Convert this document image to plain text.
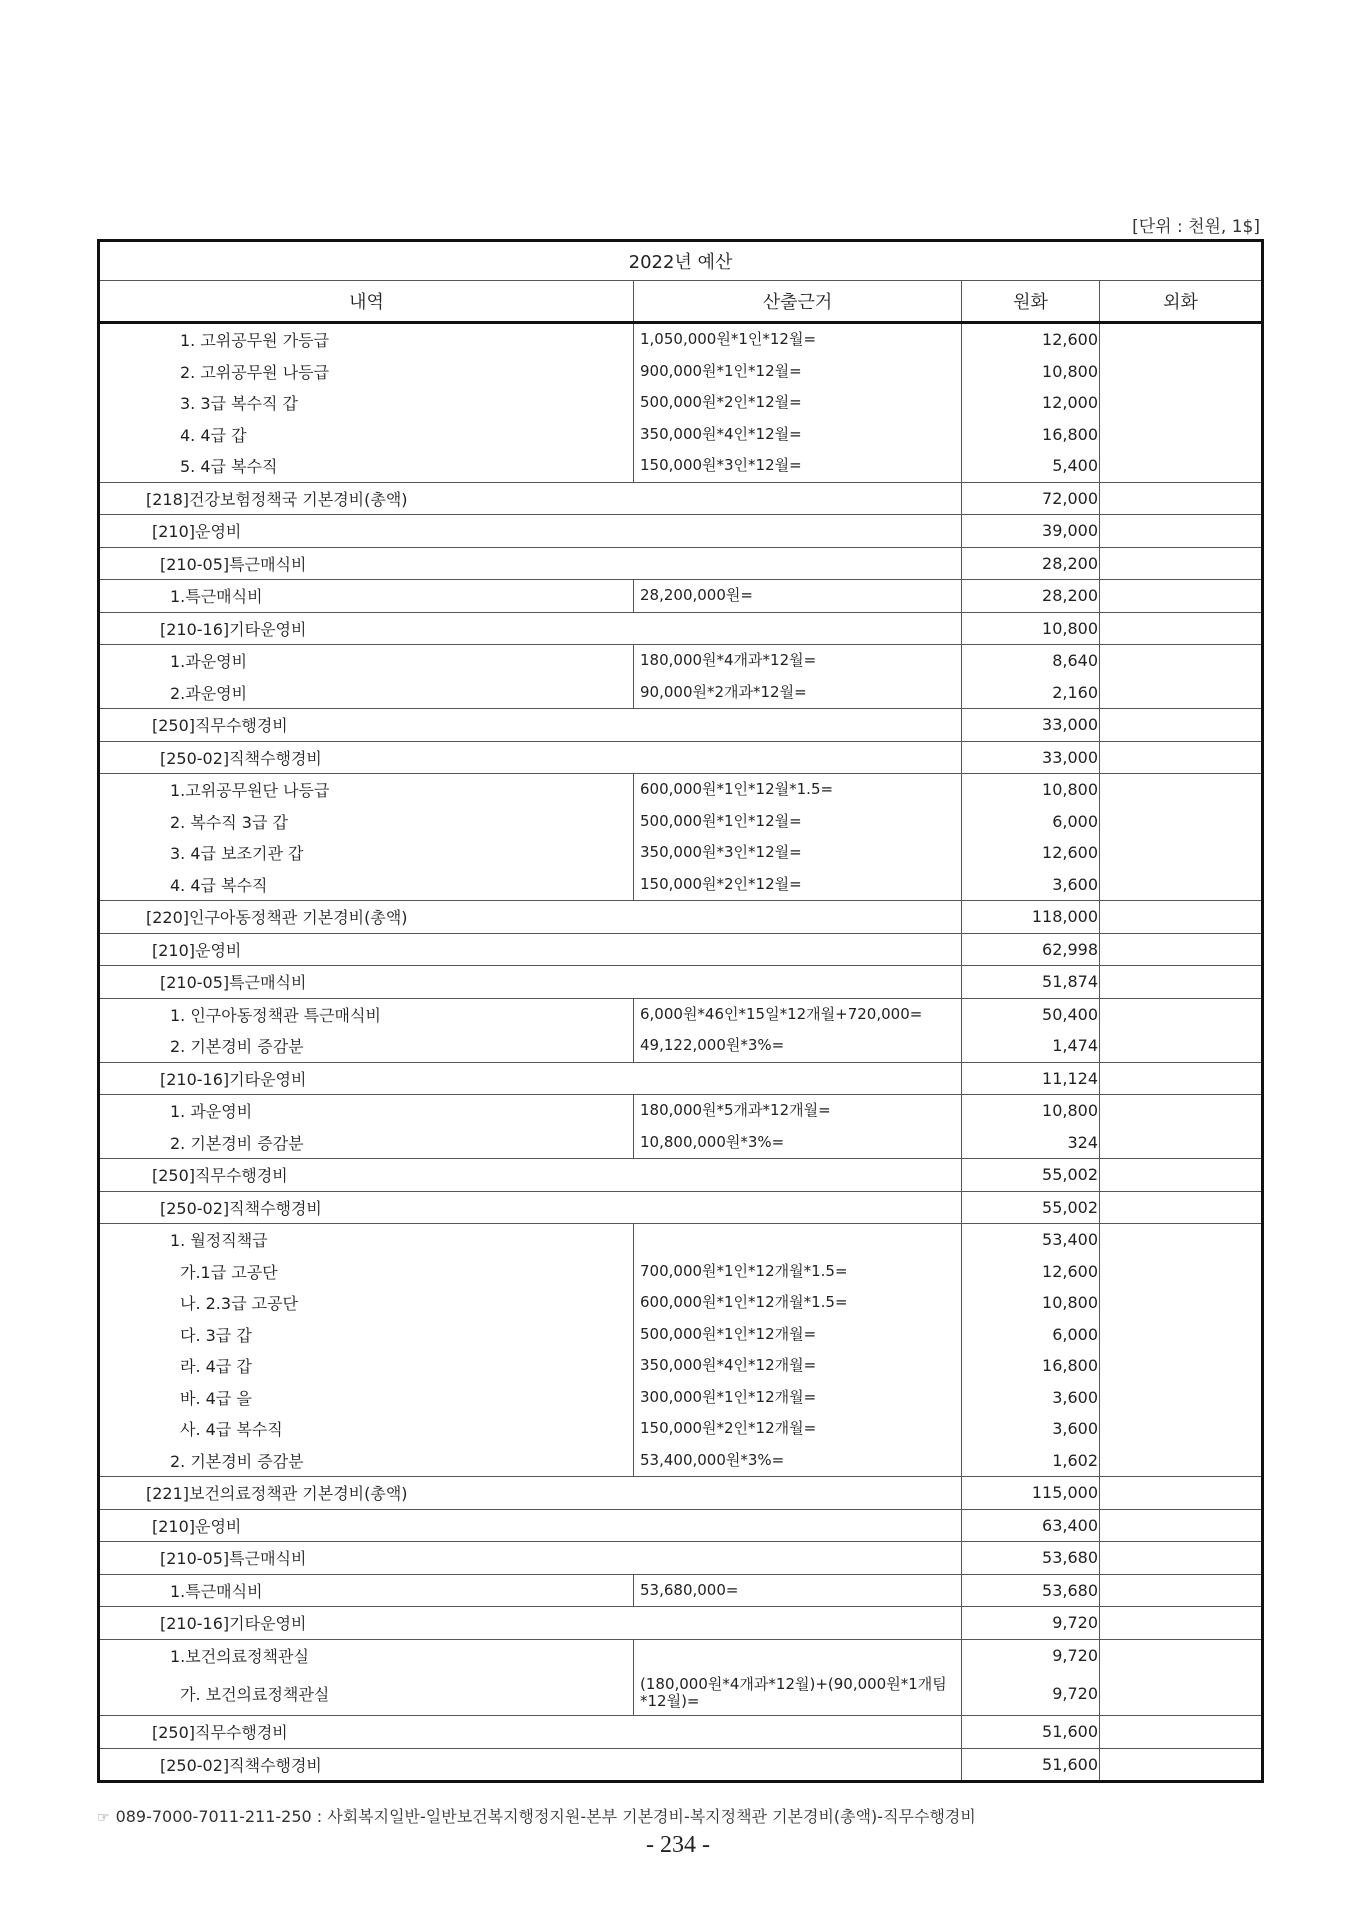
[단위 : 천원, 1$]
2022년 예산			
내역	산출근거	원화	외화
1. 고위공무원 가등급	1,050,000원*1인*12월=	12,600	
2. 고위공무원 나등급	900,000원*1인*12월=	10,800	
3. 3급 복수직 갑	500,000원*2인*12월=	12,000	
4. 4급 갑	350,000원*4인*12월=	16,800	
5. 4급 복수직	150,000원*3인*12월=	5,400	
[218]건강보험정책국 기본경비(총액)		72,000	
[210]운영비		39,000	
[210-05]특근매식비		28,200	
1.특근매식비	28,200,000원=	28,200	
[210-16]기타운영비		10,800	
1.과운영비	180,000원*4개과*12월=	8,640	
2.과운영비	90,000원*2개과*12월=	2,160	
[250]직무수행경비		33,000	
[250-02]직책수행경비		33,000	
1.고위공무원단 나등급	600,000원*1인*12월*1.5=	10,800	
2. 복수직 3급 갑	500,000원*1인*12월=	6,000	
3. 4급 보조기관 갑	350,000원*3인*12월=	12,600	
4. 4급 복수직	150,000원*2인*12월=	3,600	
[220]인구아동정책관 기본경비(총액)		118,000	
[210]운영비		62,998	
[210-05]특근매식비		51,874	
1. 인구아동정책관 특근매식비	6,000원*46인*15일*12개월+720,000=	50,400	
2. 기본경비 증감분	49,122,000원*3%=	1,474	
[210-16]기타운영비		11,124	
1. 과운영비	180,000원*5개과*12개월=	10,800	
2. 기본경비 증감분	10,800,000원*3%=	324	
[250]직무수행경비		55,002	
[250-02]직책수행경비		55,002	
1. 월정직책급		53,400	
가.1급 고공단	700,000원*1인*12개월*1.5=	12,600	
나. 2.3급 고공단	600,000원*1인*12개월*1.5=	10,800	
다. 3급 갑	500,000원*1인*12개월=	6,000	
라. 4급 갑	350,000원*4인*12개월=	16,800	
바. 4급 을	300,000원*1인*12개월=	3,600	
사. 4급 복수직	150,000원*2인*12개월=	3,600	
2. 기본경비 증감분	53,400,000원*3%=	1,602	
[221]보건의료정책관 기본경비(총액)		115,000	
[210]운영비		63,400	
[210-05]특근매식비		53,680	
1.특근매식비	53,680,000=	53,680	
[210-16]기타운영비		9,720	
1.보건의료정책관실		9,720	
가. 보건의료정책관실	(180,000원*4개과*12월)+(90,000원*1개팀*12월)=	9,720	
[250]직무수행경비		51,600	
[250-02]직책수행경비		51,600	
☞ 089-7000-7011-211-250 : 사회복지일반-일반보건복지행정지원-본부 기본경비-복지정책관 기본경비(총액)-직무수행경비
- 234 -
